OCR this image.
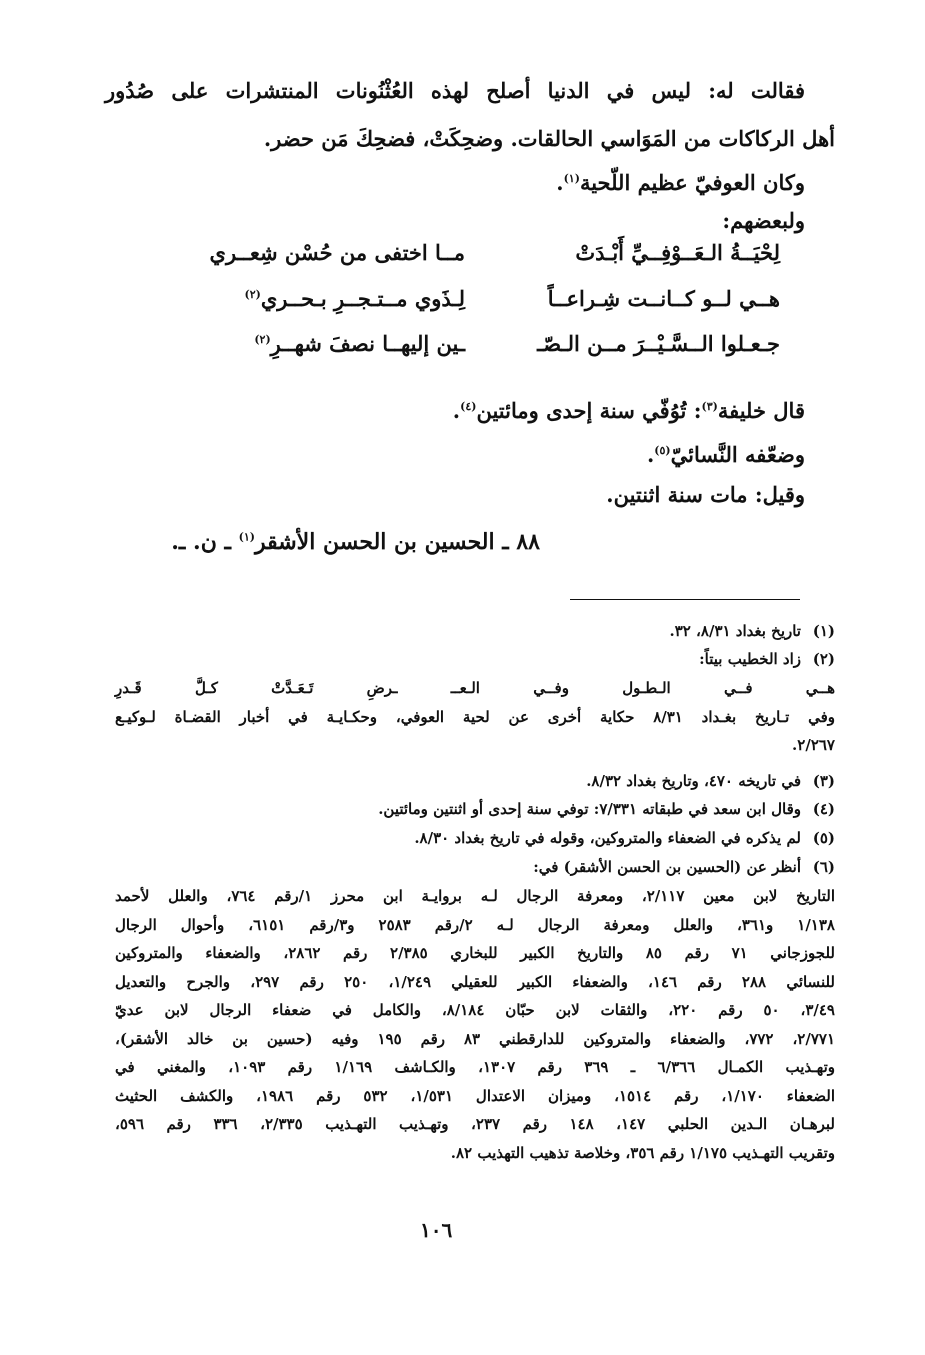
فقالت له: ليس في الدنيا أصلح لهذه العُثْنُونات المنتشرات على صُدُور
أهل الركاكات من المَوَاسي الحالقات. وضحِكَتْ، فضحِكَ مَن حضر.
وكان العوفيّ عظيم اللّحية$^{(١)}$.
ولبعضهم:
لِحْيَــةُ الـعَــوْفِــيِّ أَبْـدَتْ
مــا اختفى من حُسْن شِعــري
هــي لــو كــانــت شِـراعــاً
لِـذَوي مــتـجــرِ بـحــري$^{(٢)}$
جـعـلوا الــسَّـيْــرَ مــن الـصّـ
ـين إليهــا نصفَ شهــرِ$^{(٢)}$
قال خليفة$^{(٣)}$: تُوُفّي سنة إحدى ومائتين$^{(٤)}$.
وضعّفه النَّسائيّ$^{(٥)}$.
وقيل: مات سنة اثنتين.
٨٨ ـ الحسين بن الحسن الأشقر$^{(١)}$ ـ ن. ـ.
(١)تاريخ بغداد ٨/٣١، ٣٢.
(٢)زاد الخطيب بيتاً:
هــي فــي الـطـول وفــي الـعــ ـرضِ تَـعَـدَّتْ كـلَّ قَـدرِ
وفي تـاريخ بغـداد ٨/٣١ حكاية أخرى عن لحية العوفي، وحكـايـة في أخبار القضـاة لـوكيـع
٢/٢٦٧.
(٣)في تاريخه ٤٧٠، وتاريخ بغداد ٨/٣٢.
(٤)وقال ابن سعد في طبقاته ٧/٣٣١: توفي سنة إحدى أو اثنتين ومائتين.
(٥)لم يذكره في الضعفاء والمتروكين، وقوله في تاريخ بغداد ٨/٣٠.
(٦)أنظر عن (الحسين بن الحسن الأشقر) في:
التاريخ لابن معين ٢/١١٧، ومعرفة الرجال لـه بروايـة ابن محرز ١/رقم ٧٦٤، والعلل لأحمد
١/١٣٨ و٣٦١، والعلل ومعرفة الرجال لـه ٢/رقم ٢٥٨٣ و٣/رقم ٦١٥١، وأحوال الرجال
للجوزجاني ٧١ رقم ٨٥ والتاريخ الكبير للبخاري ٢/٣٨٥ رقم ٢٨٦٢، والضعفاء والمتروكين
للنسائي ٢٨٨ رقم ١٤٦، والضعفاء الكبير للعقيلي ١/٢٤٩، ٢٥٠ رقم ٢٩٧، والجرح والتعديل
٣/٤٩، ٥٠ رقم ٢٢٠، والثقات لابن حبّان ٨/١٨٤، والكامل في ضعفاء الرجال لابن عديّ
٢/٧٧١، ٧٧٢، والضعفاء والمتروكين للدارقطني ٨٣ رقم ١٩٥ وفيه (حسين بن خالد الأشقر)،
وتهـذيب الكمـال ٦/٣٦٦ ـ ٣٦٩ رقم ١٣٠٧، والكـاشف ١/١٦٩ رقم ١٠٩٣، والمغني في
الضعفاء ١/١٧٠، رقم ١٥١٤، وميزان الاعتدال ١/٥٣١، ٥٣٢ رقم ١٩٨٦، والكشف الحثيث
لبرهـان الـدين الحلبي ١٤٧، ١٤٨ رقم ٢٣٧، وتهـذيب التهـذيب ٢/٣٣٥، ٣٣٦ رقم ٥٩٦،
وتقريب التهـذيب ١/١٧٥ رقم ٣٥٦، وخلاصة تذهيب التهذيب ٨٢.
١٠٦
